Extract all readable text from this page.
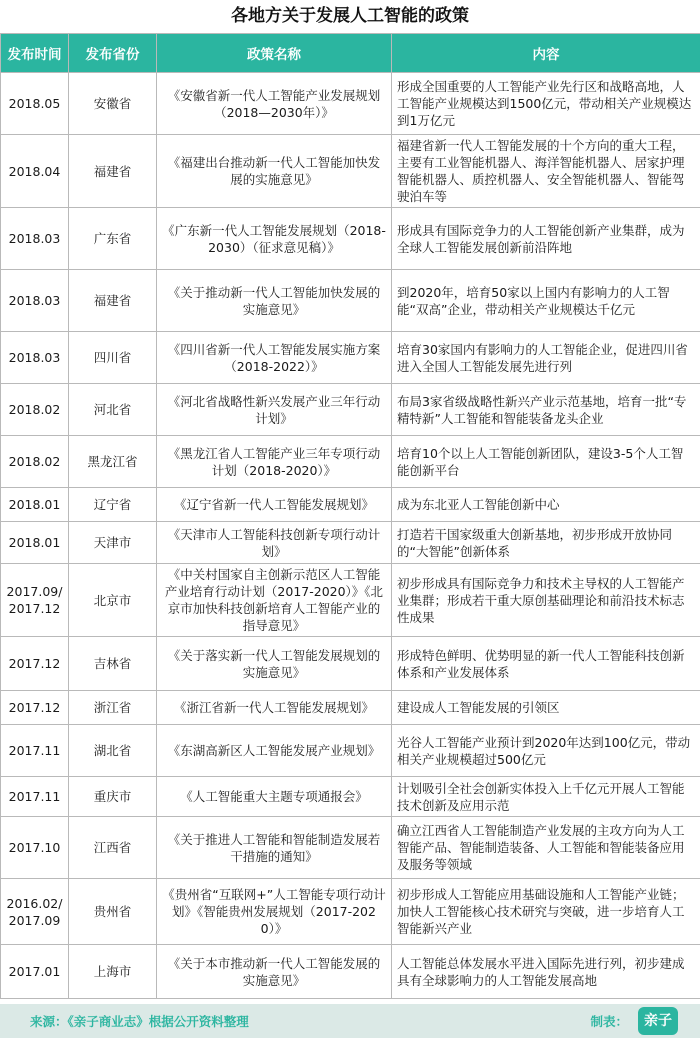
各地方关于发展人工智能的政策
发布时间	发布省份	政策名称	内容
2018.05	安徽省	《安徽省新一代人工智能产业发展规划（2018—2030年）》	形成全国重要的人工智能产业先行区和战略高地，人工智能产业规模达到1500亿元，带动相关产业规模达到1万亿元
2018.04	福建省	《福建出台推动新一代人工智能加快发展的实施意见》	福建省新一代人工智能发展的十个方向的重大工程，主要有工业智能机器人、海洋智能机器人、居家护理智能机器人、质控机器人、安全智能机器人、智能驾驶泊车等
2018.03	广东省	《广东新一代人工智能发展规划（2018-2030）（征求意见稿）》	形成具有国际竞争力的人工智能创新产业集群，成为全球人工智能发展创新前沿阵地
2018.03	福建省	《关于推动新一代人工智能加快发展的实施意见》	到2020年，培育50家以上国内有影响力的人工智能“双高”企业，带动相关产业规模达千亿元
2018.03	四川省	《四川省新一代人工智能发展实施方案（2018-2022）》	培育30家国内有影响力的人工智能企业，促进四川省进入全国人工智能发展先进行列
2018.02	河北省	《河北省战略性新兴发展产业三年行动计划》	布局3家省级战略性新兴产业示范基地，培育一批“专精特新”人工智能和智能装备龙头企业
2018.02	黑龙江省	《黑龙江省人工智能产业三年专项行动计划（2018-2020）》	培育10个以上人工智能创新团队，建设3-5个人工智能创新平台
2018.01	辽宁省	《辽宁省新一代人工智能发展规划》	成为东北亚人工智能创新中心
2018.01	天津市	《天津市人工智能科技创新专项行动计划》	打造若干国家级重大创新基地，初步形成开放协同的“大智能”创新体系
2017.09/ 2017.12	北京市	《中关村国家自主创新示范区人工智能产业培育行动计划（2017-2020）》《北京市加快科技创新培育人工智能产业的指导意见》	初步形成具有国际竞争力和技术主导权的人工智能产业集群；形成若干重大原创基础理论和前沿技术标志性成果
2017.12	吉林省	《关于落实新一代人工智能发展规划的实施意见》	形成特色鲜明、优势明显的新一代人工智能科技创新体系和产业发展体系
2017.12	浙江省	《浙江省新一代人工智能发展规划》	建设成人工智能发展的引领区
2017.11	湖北省	《东湖高新区人工智能发展产业规划》	光谷人工智能产业预计到2020年达到100亿元，带动相关产业规模超过500亿元
2017.11	重庆市	《人工智能重大主题专项通报会》	计划吸引全社会创新实体投入上千亿元开展人工智能技术创新及应用示范
2017.10	江西省	《关于推进人工智能和智能制造发展若干措施的通知》	确立江西省人工智能制造产业发展的主攻方向为人工智能产品、智能制造装备、人工智能和智能装备应用及服务等领域
2016.02/ 2017.09	贵州省	《贵州省“互联网+”人工智能专项行动计划》《智能贵州发展规划（2017-2020）》	初步形成人工智能应用基础设施和人工智能产业链；加快人工智能核心技术研究与突破，进一步培育人工智能新兴产业
2017.01	上海市	《关于本市推动新一代人工智能发展的实施意见》	人工智能总体发展水平进入国际先进行列，初步建成具有全球影响力的人工智能发展高地
来源：《亲子商业志》根据公开资料整理	制表：	亲子
